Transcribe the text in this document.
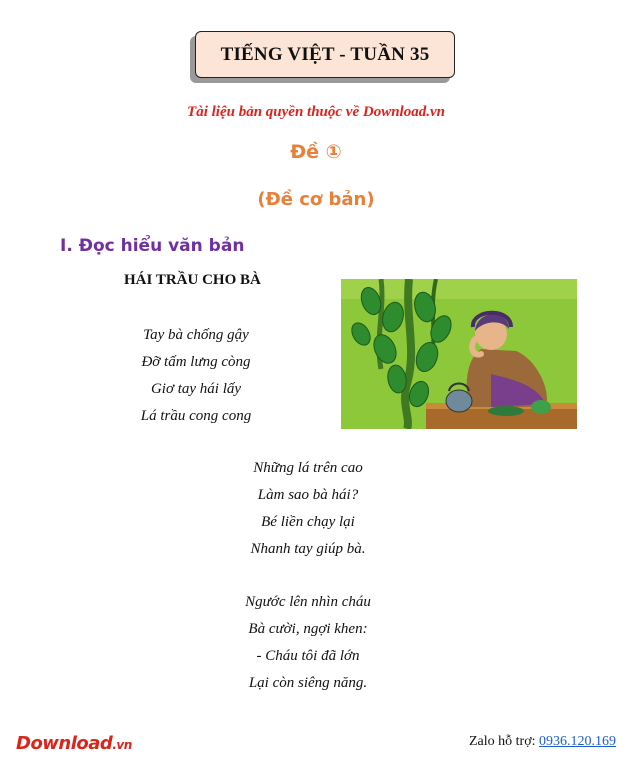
TIẾNG VIỆT - TUẦN 35
Tài liệu bản quyền thuộc về Download.vn
Đề ①
(Đề cơ bản)
I. Đọc hiểu văn bản
HÁI TRẦU CHO BÀ
Tay bà chống gậy
Đỡ tấm lưng còng
Giơ tay hái lấy
Lá trầu cong cong
Những lá trên cao
Làm sao bà hái?
Bé liền chạy lại
Nhanh tay giúp bà.
Ngước lên nhìn cháu
Bà cười, ngợi khen:
- Cháu tôi đã lớn
Lại còn siêng năng.
Download.vn	Zalo hỗ trợ: 0936.120.169
